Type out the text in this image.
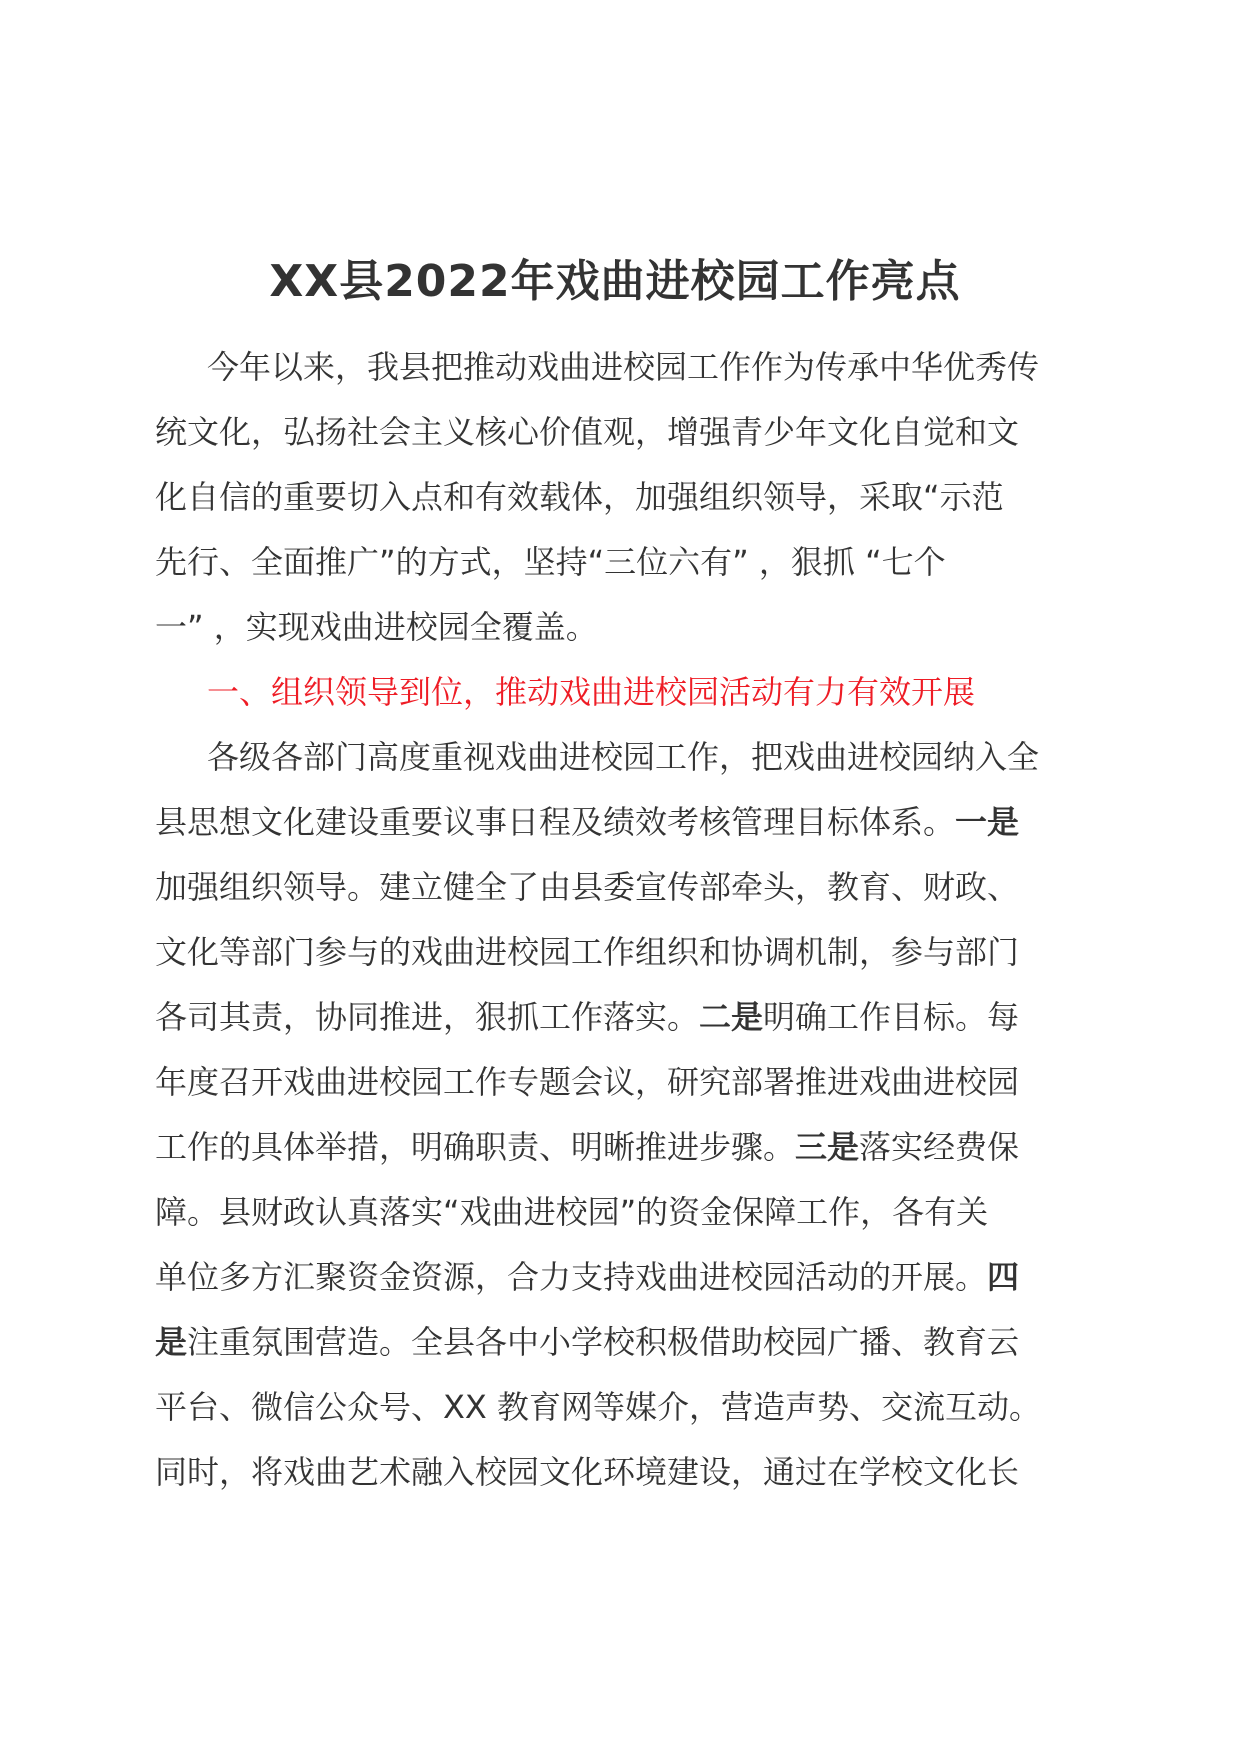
XX县2022年戏曲进校园工作亮点
今年以来，我县把推动戏曲进校园工作作为传承中华优秀传
统文化，弘扬社会主义核心价值观，增强青少年文化自觉和文
化自信的重要切入点和有效载体，加强组织领导，采取“示范
先行、全面推广”的方式，坚持“三位六有” ，狠抓 “七个
一” ，实现戏曲进校园全覆盖。
一、组织领导到位，推动戏曲进校园活动有力有效开展
各级各部门高度重视戏曲进校园工作，把戏曲进校园纳入全
县思想文化建设重要议事日程及绩效考核管理目标体系。一是
加强组织领导。建立健全了由县委宣传部牵头，教育、财政、
文化等部门参与的戏曲进校园工作组织和协调机制，参与部门
各司其责，协同推进，狠抓工作落实。二是明确工作目标。每
年度召开戏曲进校园工作专题会议，研究部署推进戏曲进校园
工作的具体举措，明确职责、明晰推进步骤。三是落实经费保
障。县财政认真落实“戏曲进校园”的资金保障工作，各有关
单位多方汇聚资金资源，合力支持戏曲进校园活动的开展。四
是注重氛围营造。全县各中小学校积极借助校园广播、教育云
平台、微信公众号、XX 教育网等媒介，营造声势、交流互动。
同时，将戏曲艺术融入校园文化环境建设，通过在学校文化长
